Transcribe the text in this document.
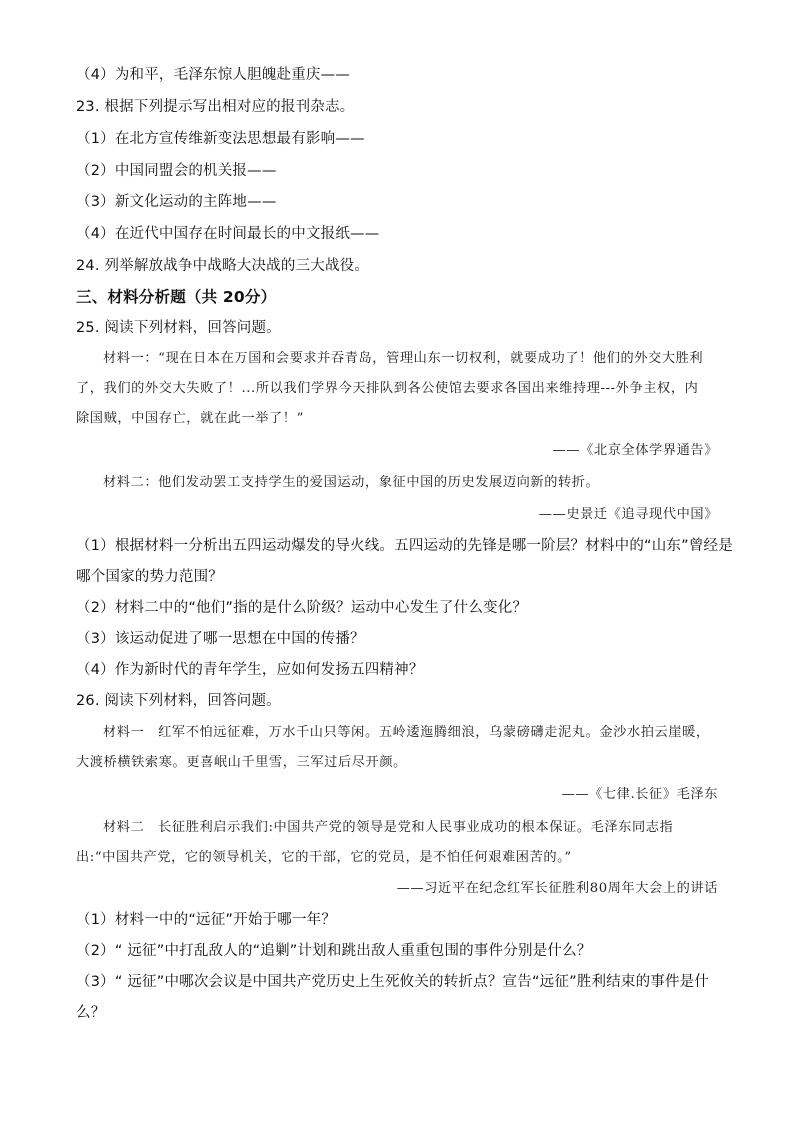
（4）为和平，毛泽东惊人胆魄赴重庆——
23. 根据下列提示写出相对应的报刊杂志。
（1）在北方宣传维新变法思想最有影响——
（2）中国同盟会的机关报——
（3）新文化运动的主阵地——
（4）在近代中国存在时间最长的中文报纸——
24. 列举解放战争中战略大决战的三大战役。
三、材料分析题（共 20分）
25. 阅读下列材料，回答问题。
材料一：“现在日本在万国和会要求并吞青岛，管理山东一切权利，就要成功了！他们的外交大胜利
了，我们的外交大失败了！...所以我们学界今天排队到各公使馆去要求各国出来维持理---外争主权，内
除国贼，中国存亡，就在此一举了！”
——《北京全体学界通告》
材料二：他们发动罢工支持学生的爱国运动，象征中国的历史发展迈向新的转折。
——史景迁《追寻现代中国》
（1）根据材料一分析出五四运动爆发的导火线。五四运动的先锋是哪一阶层？材料中的“山东”曾经是
哪个国家的势力范围？
（2）材料二中的“他们”指的是什么阶级？运动中心发生了什么变化？
（3）该运动促进了哪一思想在中国的传播？
（4）作为新时代的青年学生，应如何发扬五四精神？
26. 阅读下列材料，回答问题。
材料一　红军不怕远征难，万水千山只等闲。五岭逶迤腾细浪，乌蒙磅礴走泥丸。金沙水拍云崖暖，
大渡桥横铁索寒。更喜岷山千里雪，三军过后尽开颜。
——《七律.长征》毛泽东
材料二　长征胜利启示我们:中国共产党的领导是党和人民事业成功的根本保证。毛泽东同志指
出:“中国共产党，它的领导机关，它的干部，它的党员，是不怕任何艰难困苦的。”
——习近平在纪念红军长征胜利80周年大会上的讲话
（1）材料一中的“远征”开始于哪一年？
（2）“ 远征”中打乱敌人的“追剿”计划和跳出敌人重重包围的事件分别是什么？
（3）“ 远征”中哪次会议是中国共产党历史上生死攸关的转折点？宣告“远征”胜利结束的事件是什
么？
